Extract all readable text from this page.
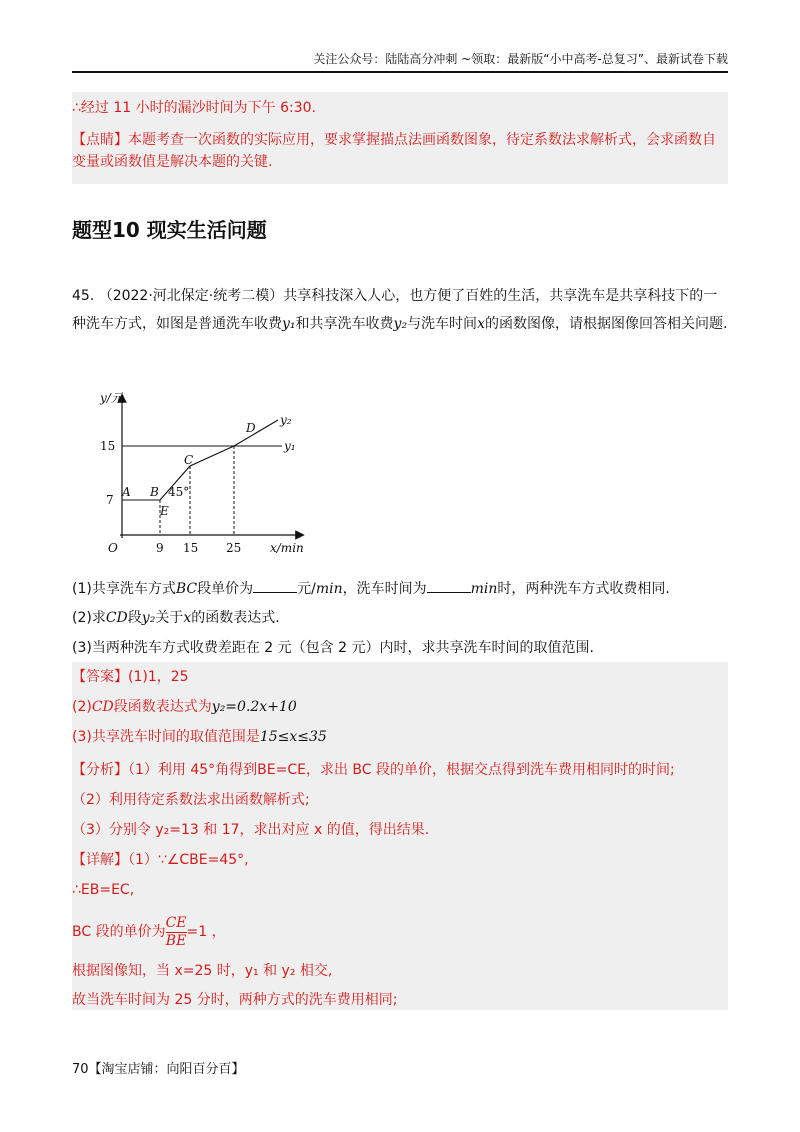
关注公众号：陆陆高分冲刺 ~领取：最新版“小中高考-总复习”、最新试卷下载
∴经过 11 小时的漏沙时间为下午 6:30.
【点睛】本题考查一次函数的实际应用，要求掌握描点法画函数图象，待定系数法求解析式，会求函数自变量或函数值是解决本题的关键.
题型10 现实生活问题
45. （2022·河北保定·统考二模）共享科技深入人心，也方便了百姓的生活，共享洗车是共享科技下的一种洗车方式，如图是普通洗车收费y₁和共享洗车收费y₂与洗车时间x的函数图像，请根据图像回答相关问题.
y/元
x/min
O
A B
C
D
E
y₂
y₁
45°
15
7
9 15 25
(1)共享洗车方式BC段单价为	元/min，洗车时间为	min时，两种洗车方式收费相同.
(2)求CD段y₂关于x的函数表达式.
(3)当两种洗车方式收费差距在 2 元（包含 2 元）内时，求共享洗车时间的取值范围.
【答案】(1)1，25
(2)CD段函数表达式为y₂=0.2x+10
(3)共享洗车时间的取值范围是15≤x≤35
【分析】（1）利用 45°角得到BE=CE，求出 BC 段的单价，根据交点得到洗车费用相同时的时间;
（2）利用待定系数法求出函数解析式;
（3）分别令 y₂=13 和 17，求出对应 x 的值，得出结果.
【详解】（1）∵∠CBE=45°,
∴EB=EC,
BC 段的单价为 $\frac{CE}{BE} =1$ ，
根据图像知，当 x=25 时，y₁ 和 y₂ 相交,
故当洗车时间为 25 分时，两种方式的洗车费用相同;
70【淘宝店铺：向阳百分百】
